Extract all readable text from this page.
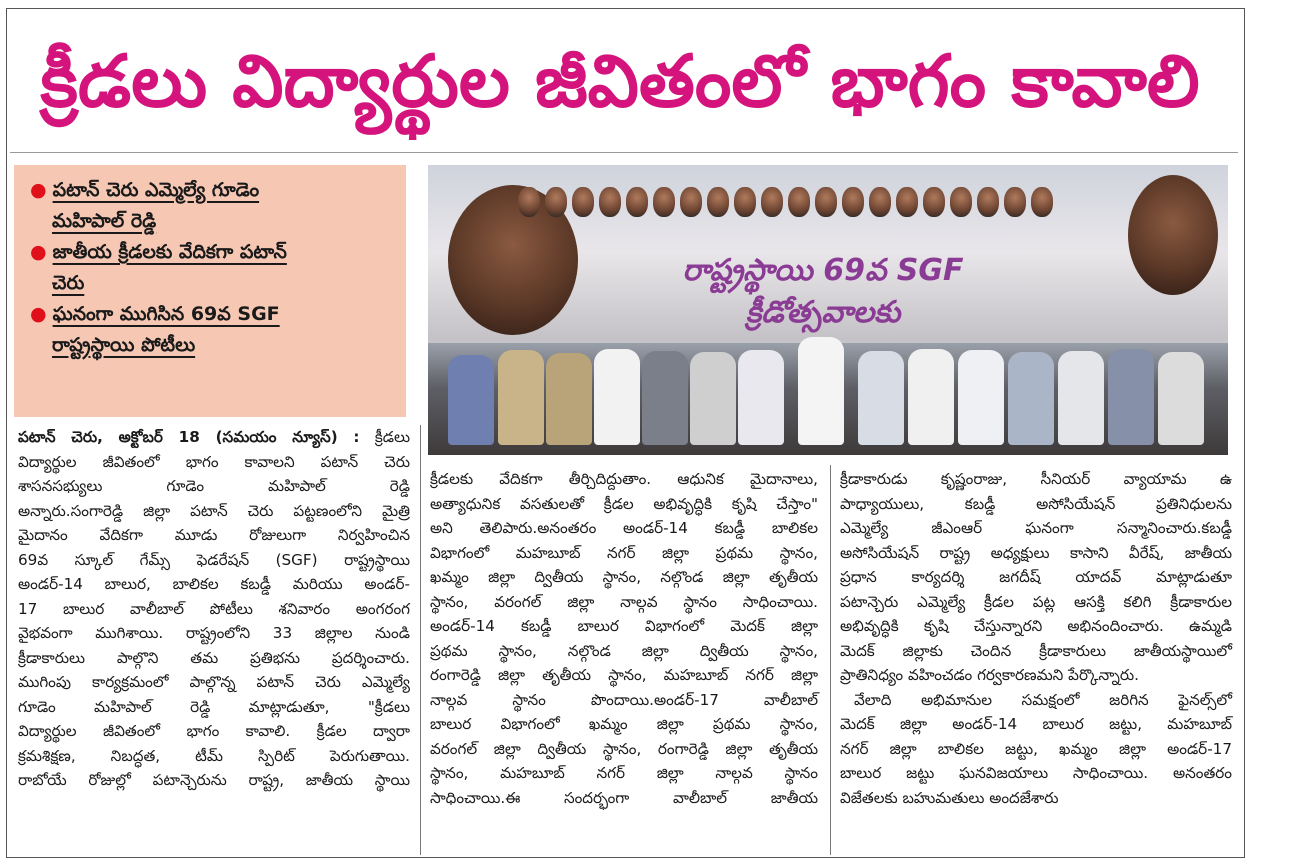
క్రీడలు విద్యార్థుల జీవితంలో భాగం కావాలి
● పటాన్ చెరు ఎమ్మెల్యే గూడెం
మహిపాల్ రెడ్డి
● జాతీయ క్రీడలకు వేదికగా పటాన్
చెరు
● ఘనంగా ముగిసిన 69వ SGF
రాష్ట్రస్థాయి పోటీలు
రాష్ట్రస్థాయి 69వ SGF క్రీడోత్సవాలకు

పటాన్ చెరు, అక్టోబర్ 18 (సమయం న్యూస్) : క్రీడలు

విద్యార్థుల జీవితంలో భాగం కావాలని పటాన్ చెరు

శాసనసభ్యులు గూడెం మహిపాల్ రెడ్డి

అన్నారు.సంగారెడ్డి జిల్లా పటాన్ చెరు పట్టణంలోని మైత్రి

మైదానం వేదికగా మూడు రోజులుగా నిర్వహించిన

69వ స్కూల్ గేమ్స్ ఫెడరేషన్ (SGF) రాష్ట్రస్థాయి

అండర్-14 బాలుర, బాలికల కబడ్డీ మరియు అండర్-

17 బాలుర వాలీబాల్ పోటీలు శనివారం అంగరంగ

వైభవంగా ముగిశాయి. రాష్ట్రంలోని 33 జిల్లాల నుండి

క్రీడాకారులు పాల్గొని తమ ప్రతిభను ప్రదర్శించారు.

ముగింపు కార్యక్రమంలో పాల్గొన్న పటాన్ చెరు ఎమ్మెల్యే

గూడెం మహిపాల్ రెడ్డి మాట్లాడుతూ, "క్రీడలు

విద్యార్థుల జీవితంలో భాగం కావాలి. క్రీడల ద్వారా

క్రమశిక్షణ, నిబద్ధత, టీమ్ స్పిరిట్ పెరుగుతాయి.

రాబోయే రోజుల్లో పటాన్చెరును రాష్ట్ర, జాతీయ స్థాయి

క్రీడలకు వేదికగా తీర్చిదిద్దుతాం. ఆధునిక మైదానాలు,

అత్యాధునిక వసతులతో క్రీడల అభివృద్ధికి కృషి చేస్తాం"

అని తెలిపారు.అనంతరం అండర్-14 కబడ్డీ బాలికల

విభాగంలో మహబూబ్ నగర్ జిల్లా ప్రథమ స్థానం,

ఖమ్మం జిల్లా ద్వితీయ స్థానం, నల్గొండ జిల్లా తృతీయ

స్థానం, వరంగల్ జిల్లా నాల్గవ స్థానం సాధించాయి.

అండర్-14 కబడ్డీ బాలుర విభాగంలో మెదక్ జిల్లా

ప్రథమ స్థానం, నల్గొండ జిల్లా ద్వితీయ స్థానం,

రంగారెడ్డి జిల్లా తృతీయ స్థానం, మహబూబ్ నగర్ జిల్లా

నాల్గవ స్థానం పొందాయి.అండర్-17 వాలీబాల్

బాలుర విభాగంలో ఖమ్మం జిల్లా ప్రథమ స్థానం,

వరంగల్ జిల్లా ద్వితీయ స్థానం, రంగారెడ్డి జిల్లా తృతీయ

స్థానం, మహబూబ్ నగర్ జిల్లా నాల్గవ స్థానం

సాధించాయి.ఈ సందర్భంగా వాలీబాల్ జాతీయ

క్రీడాకారుడు కృష్ణంరాజు, సీనియర్ వ్యాయామ ఉ

పాధ్యాయులు, కబడ్డీ అసోసియేషన్ ప్రతినిధులను

ఎమ్మెల్యే జీఎంఆర్ ఘనంగా సన్మానించారు.కబడ్డీ

అసోసియేషన్ రాష్ట్ర అధ్యక్షులు కాసాని వీరేష్, జాతీయ

ప్రధాన కార్యదర్శి జగదీష్ యాదవ్ మాట్లాడుతూ

పటాన్చెరు ఎమ్మెల్యే క్రీడల పట్ల ఆసక్తి కలిగి క్రీడాకారుల

అభివృద్ధికి కృషి చేస్తున్నారని అభినందించారు. ఉమ్మడి

మెదక్ జిల్లాకు చెందిన క్రీడాకారులు జాతీయస్థాయిలో

ప్రాతినిధ్యం వహించడం గర్వకారణమని పేర్కొన్నారు.

వేలాది అభిమానుల సమక్షంలో జరిగిన ఫైనల్స్‌లో

మెదక్ జిల్లా అండర్-14 బాలుర జట్టు, మహబూబ్

నగర్ జిల్లా బాలికల జట్టు, ఖమ్మం జిల్లా అండర్-17

బాలుర జట్టు ఘనవిజయాలు సాధించాయి. అనంతరం

విజేతలకు బహుమతులు అందజేశారు
